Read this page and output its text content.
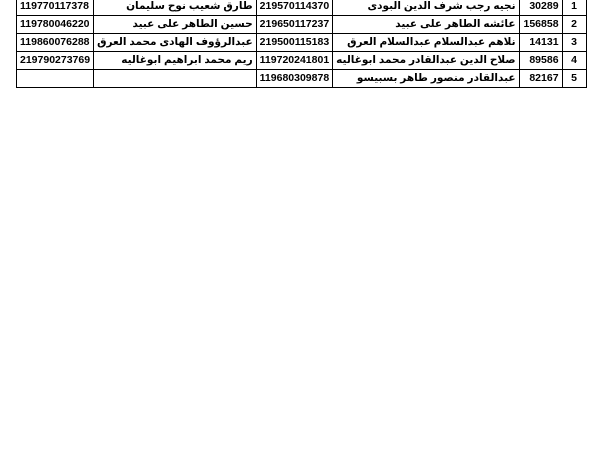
119770117378	طارق شعيب نوح سليمان	219570114370	نجيه رجب شرف الدين البودى	30289	1
119780046220	حسين الطاهر على عبيد	219650117237	عائشه الطاهر على عبيد	156858	2
119860076288	عبدالرؤوف الهادى محمد العرق	219500115183	نلاهم عبدالسلام عبدالسلام العرق	14131	3
219790273769	ريم محمد ابراهيم ابوغاليه	119720241801	صلاح الدين عبدالقادر محمد ابوغاليه	89586	4
		119680309878	عبدالقادر منصور طاهر بسبيسو	82167	5
